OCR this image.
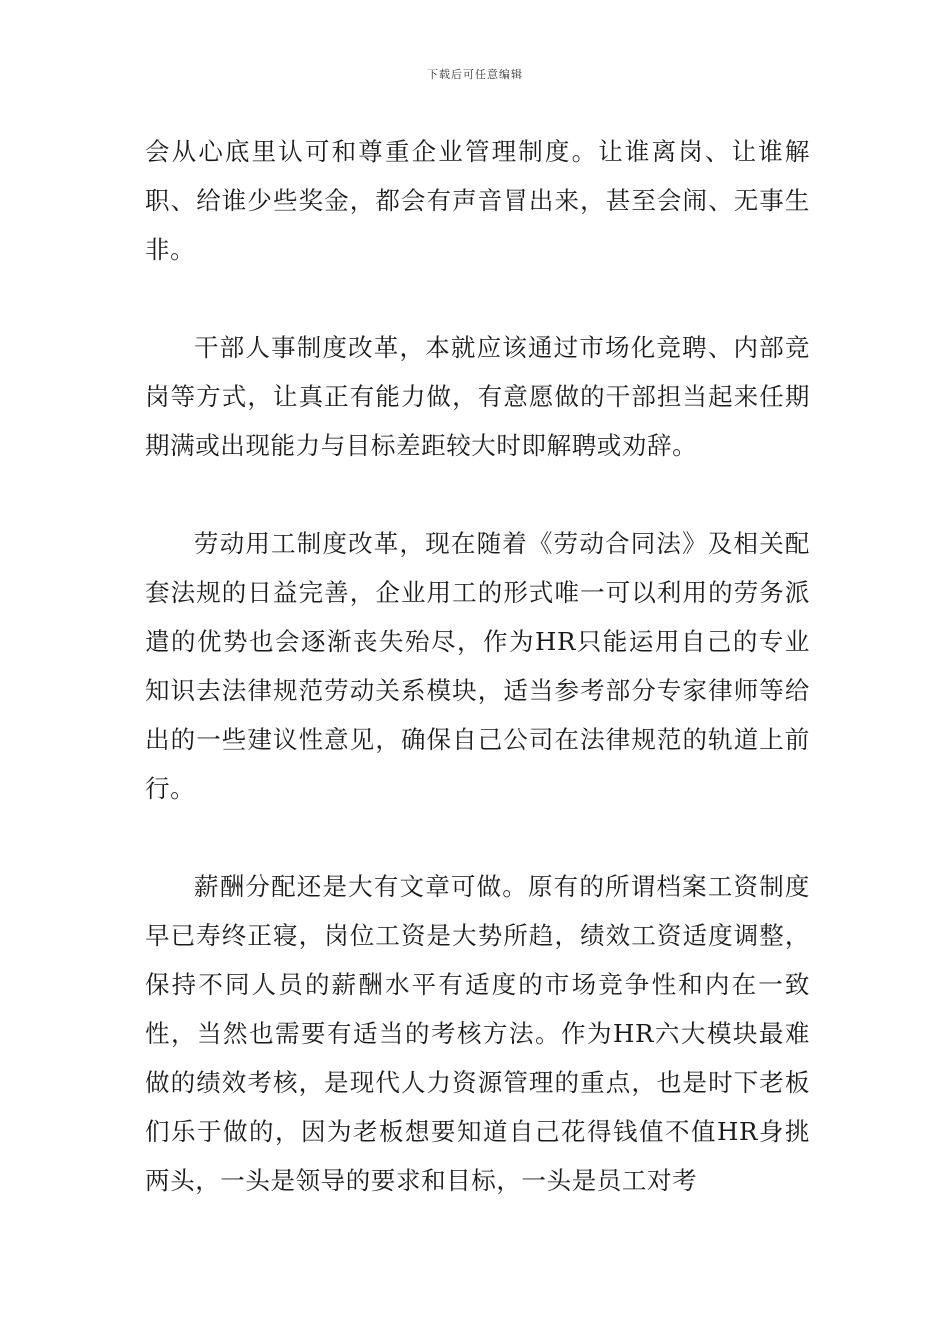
下载后可任意编辑

会从心底里认可和尊重企业管理制度。让谁离岗、让谁解职、给谁少些奖金，都会有声音冒出来，甚至会闹、无事生非。

干部人事制度改革，本就应该通过市场化竞聘、内部竞岗等方式，让真正有能力做，有意愿做的干部担当起来任期期满或出现能力与目标差距较大时即解聘或劝辞。

劳动用工制度改革，现在随着《劳动合同法》及相关配套法规的日益完善，企业用工的形式唯一可以利用的劳务派遣的优势也会逐渐丧失殆尽，作为HR只能运用自己的专业知识去法律规范劳动关系模块，适当参考部分专家律师等给出的一些建议性意见，确保自己公司在法律规范的轨道上前行。

薪酬分配还是大有文章可做。原有的所谓档案工资制度早已寿终正寝，岗位工资是大势所趋，绩效工资适度调整，保持不同人员的薪酬水平有适度的市场竞争性和内在一致性，当然也需要有适当的考核方法。作为HR六大模块最难做的绩效考核，是现代人力资源管理的重点，也是时下老板们乐于做的，因为老板想要知道自己花得钱值不值HR身挑两头，一头是领导的要求和目标，一头是员工对考
